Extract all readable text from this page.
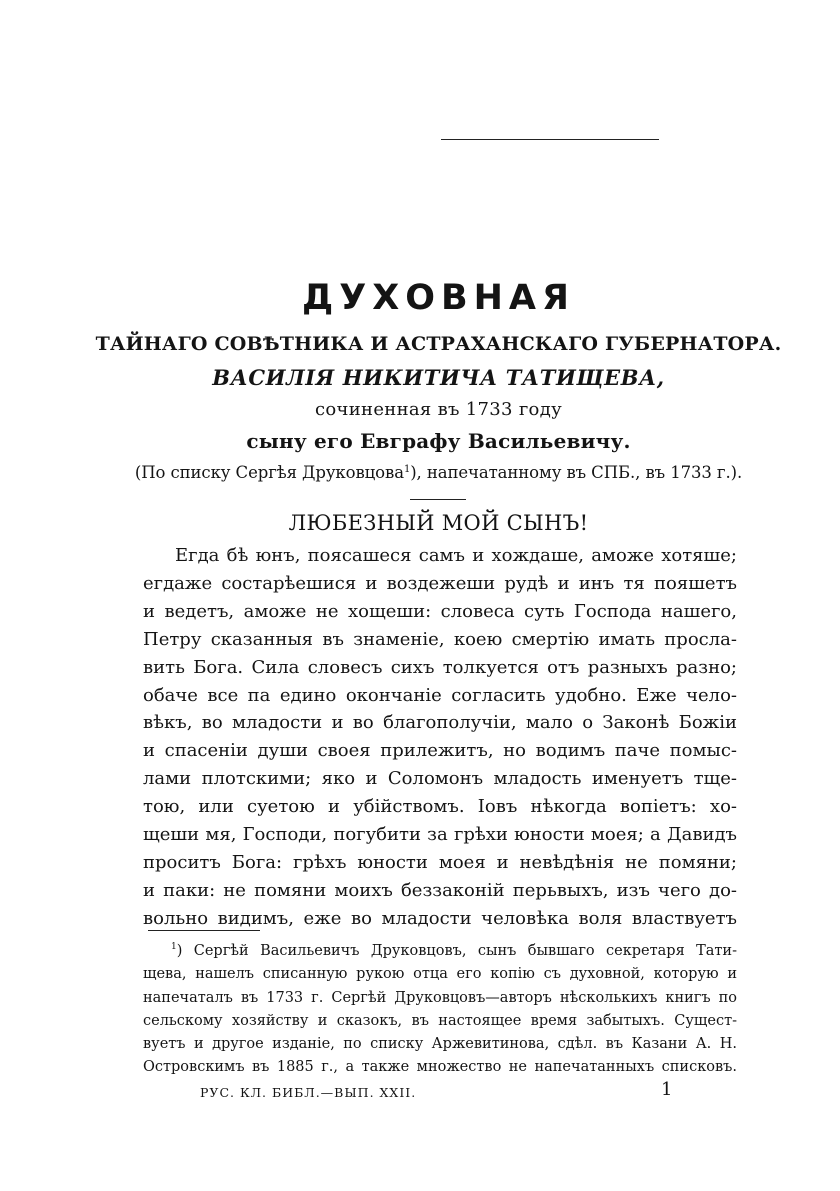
ДУХОВНАЯ
ТАЙНАГО СОВѢТНИКА И АСТРАХАНСКАГО ГУБЕРНАТОРА.
ВАСИЛІЯ НИКИТИЧА ТАТИЩЕВА,
сочиненная въ 1733 году
сыну его Евграфу Васильевичу.
(По списку Сергѣя Друковцова$^1$), напечатанному въ СПБ., въ 1733 г.).
ЛЮБЕЗНЫЙ МОЙ СЫНЪ!
Егда бѣ юнъ, поясашеся самъ и хождаше, аможе хотяше;
егдаже состарѣешися и воздежеши рудѣ и инъ тя пояшетъ
и ведетъ, аможе не хощеши: словеса суть Господа нашего,
Петру сказанныя въ знаменіе, коею смертію имать просла-
вить Бога. Сила словесъ сихъ толкуется отъ разныхъ разно;
обаче все па едино окончаніе согласить удобно. Еже чело-
вѣкъ, во младости и во благополучіи, мало о Законѣ Божіи
и спасеніи души своея прилежитъ, но водимъ паче помыс-
лами плотскими; яко и Соломонъ младость именуетъ тще-
тою, или суетою и убійствомъ. Іовъ нѣкогда вопіетъ: хо-
щеши мя, Господи, погубити за грѣхи юности моея; а Давидъ
проситъ Бога: грѣхъ юности моея и невѣдѣнія не помяни;
и паки: не помяни моихъ беззаконій перьвыхъ, изъ чего до-
вольно видимъ, еже во младости человѣка воля властвуетъ
$^1$) Сергѣй Васильевичъ Друковцовъ, сынъ бывшаго секретаря Тати-
щева, нашелъ списанную рукою отца его копію съ духовной, которую и
напечаталъ въ 1733 г. Сергѣй Друковцовъ—авторъ нѣсколькихъ книгъ по
сельскому хозяйству и сказокъ, въ настоящее время забытыхъ. Сущест-
вуетъ и другое изданіе, по списку Аржевитинова, сдѣл. въ Казани А. Н.
Островскимъ въ 1885 г., а также множество не напечатанныхъ списковъ.
РУС. КЛ. БИБЛ.—ВЫП. XXII.	1
